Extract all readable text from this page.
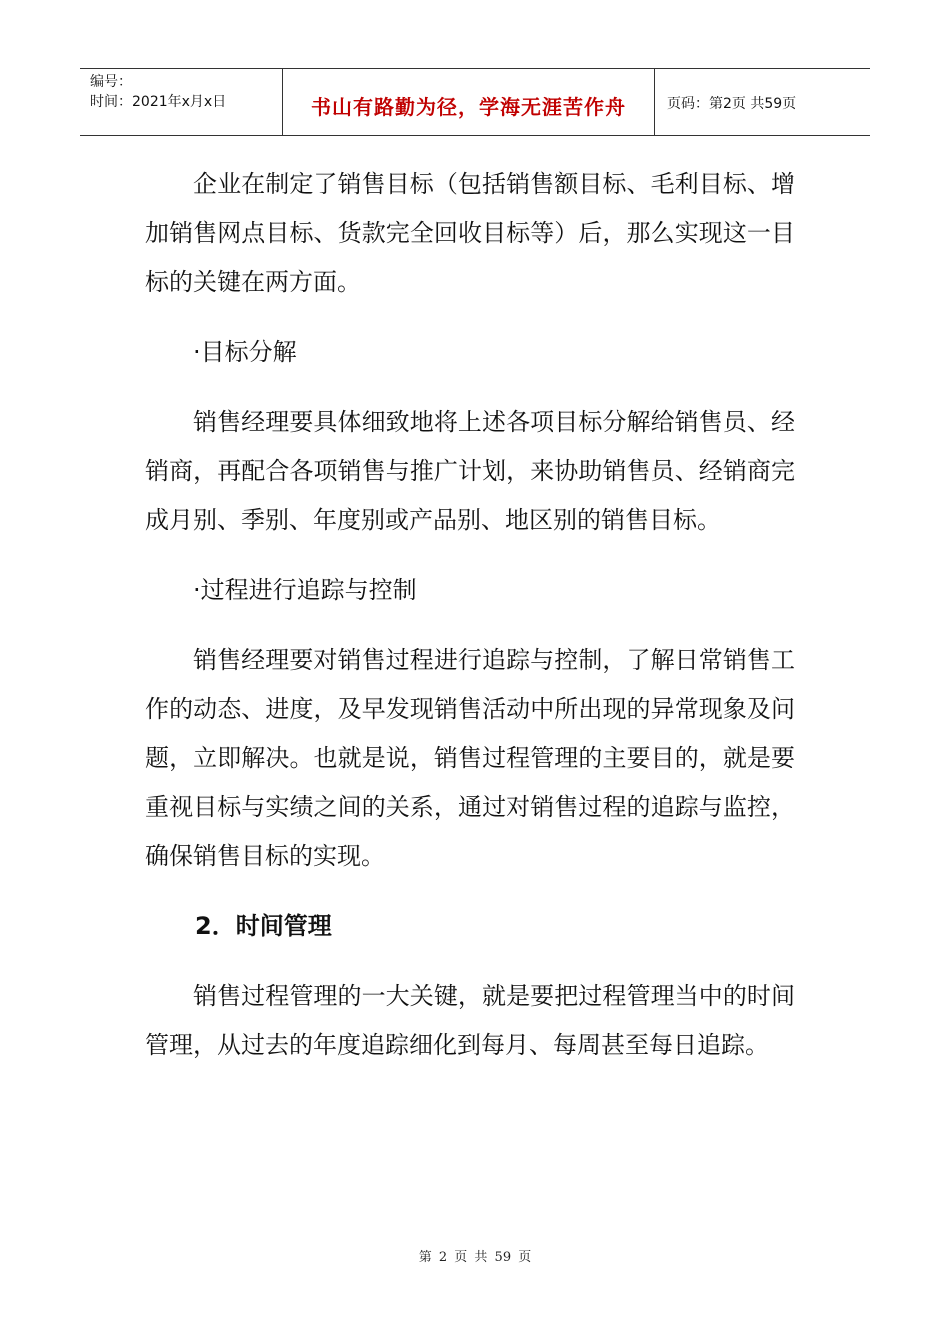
编号：
时间：2021年x月x日	书山有路勤为径，学海无涯苦作舟	页码：第2页 共59页

企业在制定了销售目标（包括销售额目标、毛利目标、增加销售网点目标、货款完全回收目标等）后，那么实现这一目标的关键在两方面。

·目标分解

销售经理要具体细致地将上述各项目标分解给销售员、经销商，再配合各项销售与推广计划，来协助销售员、经销商完成月别、季别、年度别或产品别、地区别的销售目标。

·过程进行追踪与控制

销售经理要对销售过程进行追踪与控制，了解日常销售工作的动态、进度，及早发现销售活动中所出现的异常现象及问题，立即解决。也就是说，销售过程管理的主要目的，就是要重视目标与实绩之间的关系，通过对销售过程的追踪与监控，确保销售目标的实现。

2．时间管理

销售过程管理的一大关键，就是要把过程管理当中的时间管理，从过去的年度追踪细化到每月、每周甚至每日追踪。

第 2 页 共 59 页
